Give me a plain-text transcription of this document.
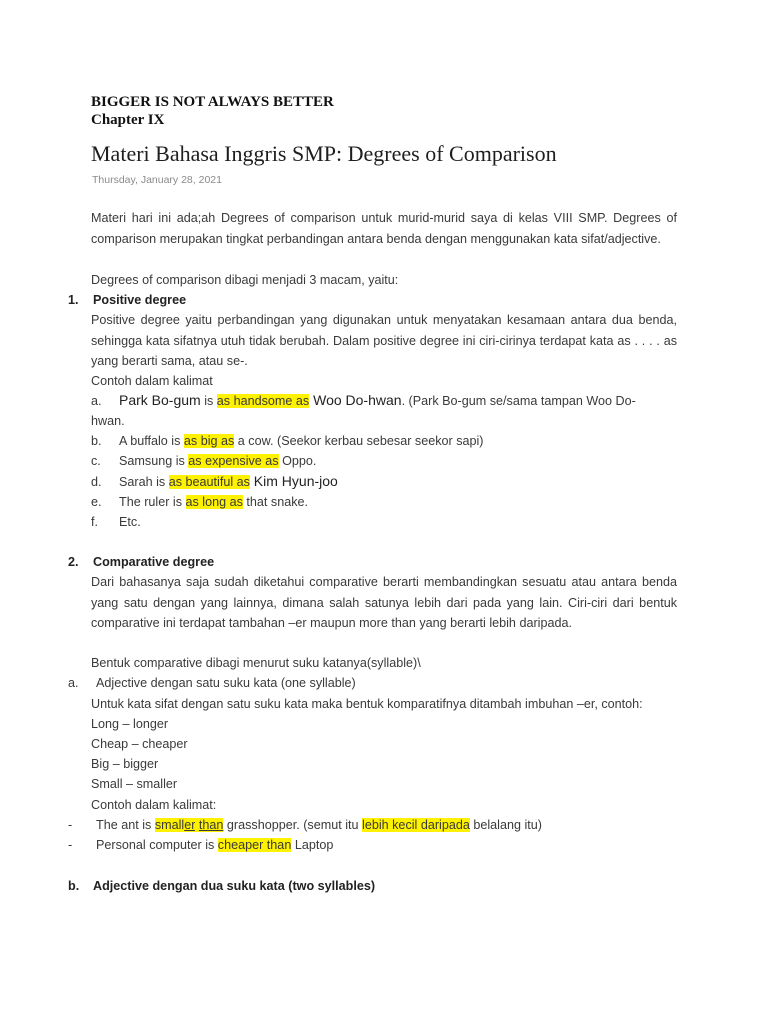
BIGGER IS NOT ALWAYS BETTER
Chapter IX
Materi Bahasa Inggris SMP: Degrees of Comparison
Thursday, January 28, 2021
Materi hari ini ada;ah Degrees of comparison untuk murid-murid saya di kelas VIII SMP. Degrees of
comparison merupakan tingkat perbandingan antara benda dengan menggunakan kata sifat/adjective.
Degrees of comparison dibagi menjadi 3 macam, yaitu:
1. Positive degree
Positive degree yaitu perbandingan yang digunakan untuk menyatakan kesamaan antara dua benda,
sehingga kata sifatnya utuh tidak berubah. Dalam positive degree ini ciri-cirinya terdapat kata as . . . . as
yang berarti sama, atau se-.
Contoh dalam kalimat
a. Park Bo-gum is as handsome as Woo Do-hwan. (Park Bo-gum se/sama tampan Woo Do-
hwan.
b. A buffalo is as big as a cow. (Seekor kerbau sebesar seekor sapi)
c. Samsung is as expensive as Oppo.
d. Sarah is as beautiful as Kim Hyun-joo
e. The ruler is as long as that snake.
f. Etc.
2. Comparative degree
Dari bahasanya saja sudah diketahui comparative berarti membandingkan sesuatu atau antara benda
yang satu dengan yang lainnya, dimana salah satunya lebih dari pada yang lain. Ciri-ciri dari bentuk
comparative ini terdapat tambahan –er maupun more than yang berarti lebih daripada.
Bentuk comparative dibagi menurut suku katanya(syllable)\
a. Adjective dengan satu suku kata (one syllable)
Untuk kata sifat dengan satu suku kata maka bentuk komparatifnya ditambah imbuhan –er, contoh:
Long – longer
Cheap – cheaper
Big – bigger
Small – smaller
Contoh dalam kalimat:
- The ant is smaller than grasshopper. (semut itu lebih kecil daripada belalang itu)
- Personal computer is cheaper than Laptop
b. Adjective dengan dua suku kata (two syllables)
